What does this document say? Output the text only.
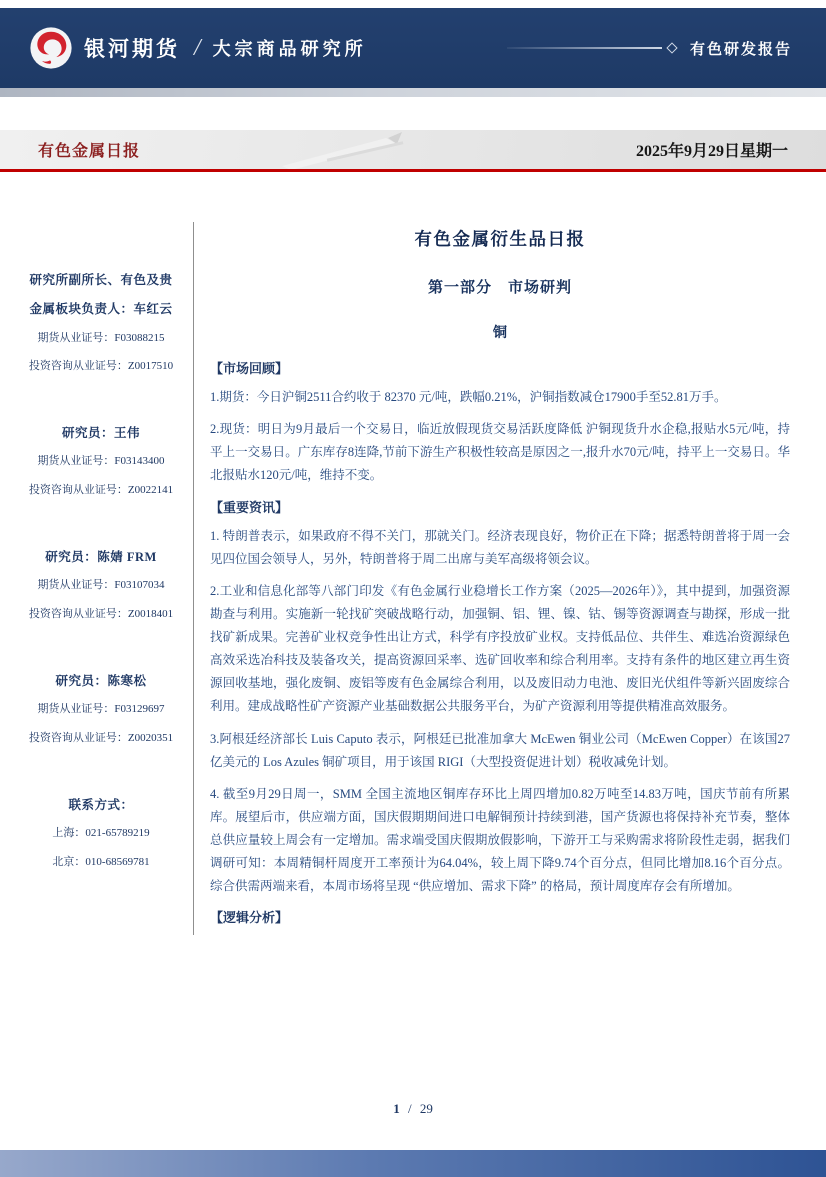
银河期货 / 大宗商品研究所	有色研发报告
有色金属日报	2025年9月29日星期一
研究所副所长、有色及贵
金属板块负责人：车红云
期货从业证号：F03088215
投资咨询从业证号：Z0017510
研究员：王伟
期货从业证号：F03143400
投资咨询从业证号：Z0022141
研究员：陈婧 FRM
期货从业证号：F03107034
投资咨询从业证号：Z0018401
研究员：陈寒松
期货从业证号：F03129697
投资咨询从业证号：Z0020351
联系方式：
上海：021-65789219
北京：010-68569781
有色金属衍生品日报
第一部分　市场研判
铜
【市场回顾】

1.期货：今日沪铜2511合约收于 82370 元/吨，跌幅0.21%，沪铜指数减仓17900手至52.81万手。

2.现货：明日为9月最后一个交易日，临近放假现货交易活跃度降低 沪铜现货升水企稳,报贴水5元/吨，持平上一交易日。广东库存8连降,节前下游生产积极性较高是原因之一,报升水70元/吨，持平上一交易日。华北报贴水120元/吨，维持不变。

【重要资讯】

1. 特朗普表示，如果政府不得不关门，那就关门。经济表现良好，物价正在下降；据悉特朗普将于周一会见四位国会领导人，另外，特朗普将于周二出席与美军高级将领会议。

2.工业和信息化部等八部门印发《有色金属行业稳增长工作方案（2025—2026年）》，其中提到，加强资源勘查与利用。实施新一轮找矿突破战略行动，加强铜、铝、锂、镍、钴、锡等资源调查与勘探，形成一批找矿新成果。完善矿业权竞争性出让方式，科学有序投放矿业权。支持低品位、共伴生、难选冶资源绿色高效采选冶科技及装备攻关，提高资源回采率、选矿回收率和综合利用率。支持有条件的地区建立再生资源回收基地，强化废铜、废铝等废有色金属综合利用，以及废旧动力电池、废旧光伏组件等新兴固废综合利用。建成战略性矿产资源产业基础数据公共服务平台，为矿产资源利用等提供精准高效服务。

3.阿根廷经济部长 Luis Caputo 表示，阿根廷已批准加拿大 McEwen 铜业公司（McEwen Copper）在该国27亿美元的 Los Azules 铜矿项目，用于该国 RIGI（大型投资促进计划）税收减免计划。

4. 截至9月29日周一，SMM 全国主流地区铜库存环比上周四增加0.82万吨至14.83万吨，国庆节前有所累库。展望后市，供应端方面，国庆假期期间进口电解铜预计持续到港，国产货源也将保持补充节奏，整体总供应量较上周会有一定增加。需求端受国庆假期放假影响，下游开工与采购需求将阶段性走弱，据我们调研可知：本周精铜杆周度开工率预计为64.04%，较上周下降9.74个百分点，但同比增加8.16个百分点。综合供需两端来看，本周市场将呈现 “供应增加、需求下降” 的格局，预计周度库存会有所增加。

【逻辑分析】
1 / 29
